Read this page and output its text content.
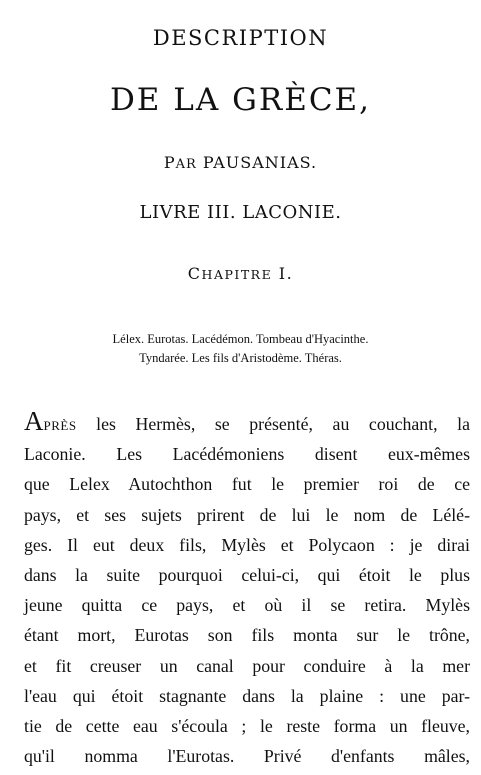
DESCRIPTION
DE LA GRÈCE,
PAR PAUSANIAS.
LIVRE III. LACONIE.
CHAPITRE I.
Lélex. Eurotas. Lacédémon. Tombeau d'Hyacinthe.
Tyndarée. Les fils d'Aristodème. Théras.
APRÈS les Hermès, se présenté, au couchant, la
Laconie. Les Lacédémoniens disent eux-mêmes
que Lelex Autochthon fut le premier roi de ce
pays, et ses sujets prirent de lui le nom de Lélé-
ges. Il eut deux fils, Mylès et Polycaon : je dirai
dans la suite pourquoi celui-ci, qui étoit le plus
jeune quitta ce pays, et où il se retira. Mylès
étant mort, Eurotas son fils monta sur le trône,
et fit creuser un canal pour conduire à la mer
l'eau qui étoit stagnante dans la plaine : une par-
tie de cette eau s'écoula ; le reste forma un fleuve,
qu'il nomma l'Eurotas. Privé d'enfants mâles,
